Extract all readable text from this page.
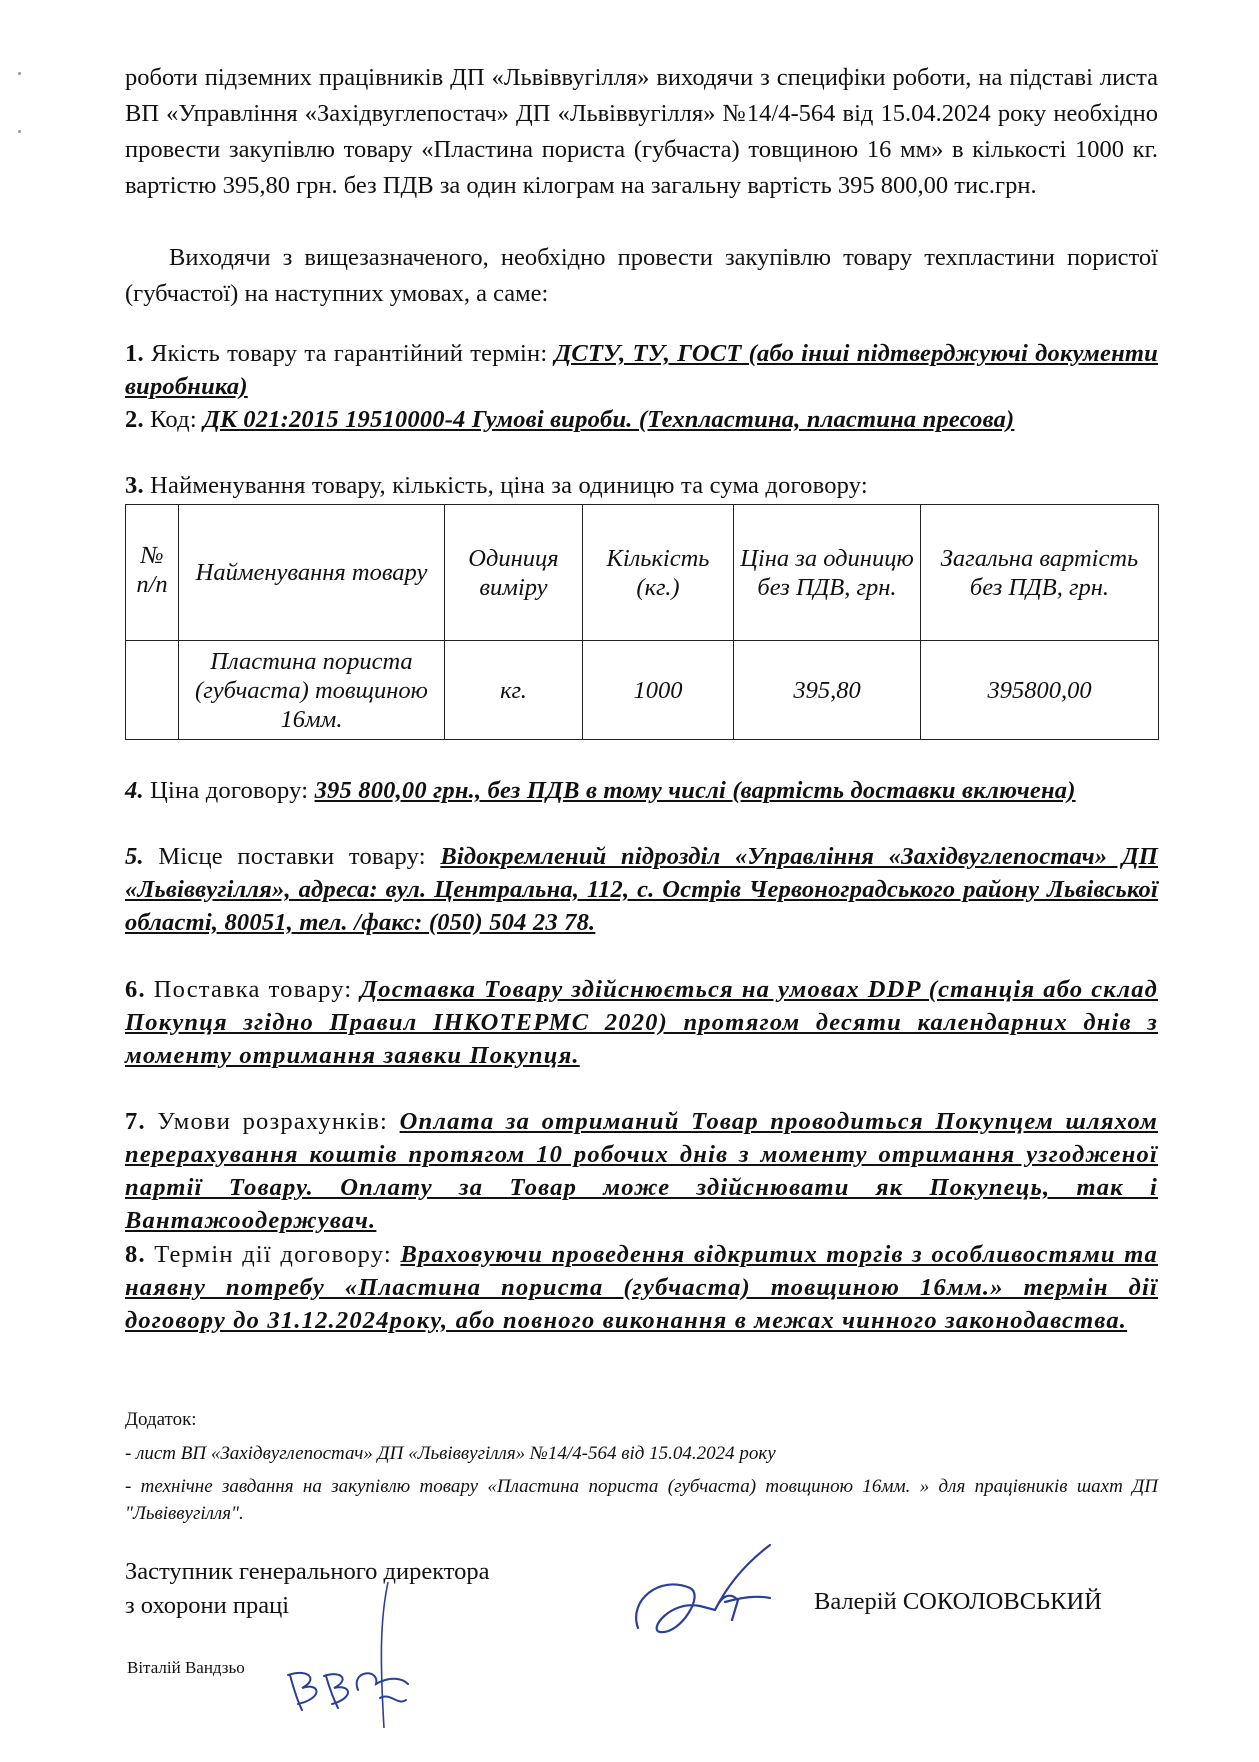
роботи підземних працівників ДП «Львіввугілля» виходячи з специфіки роботи, на підставі листа ВП «Управління «Західвуглепостач» ДП «Львіввугілля» №14/4-564 від 15.04.2024 року необхідно провести закупівлю товару «Пластина пориста (губчаста) товщиною 16 мм» в кількості 1000 кг. вартістю 395,80 грн. без ПДВ за один кілограм на загальну вартість 395 800,00 тис.грн.
Виходячи з вищезазначеного, необхідно провести закупівлю товару техпластини пористої (губчастої) на наступних умовах, а саме:
1. Якість товару та гарантійний термін: ДСТУ, ТУ, ГОСТ (або інші підтверджуючі документи виробника)
2. Код: ДК 021:2015 19510000-4 Гумові вироби. (Техпластина, пластина пресова)
3. Найменування товару, кількість, ціна за одиницю та сума договору:
№ п/п	Найменування товару	Одиниця виміру	Кількість (кг.)	Ціна за одиницю без ПДВ, грн.	Загальна вартість без ПДВ, грн.
	Пластина пориста (губчаста) товщиною 16мм.	кг.	1000	395,80	395800,00
4. Ціна договору: 395 800,00 грн., без ПДВ в тому числі (вартість доставки включена)
5. Місце поставки товару: Відокремлений підрозділ «Управління «Західвуглепостач» ДП «Львіввугілля», адреса: вул. Центральна, 112, с. Острів Червоноградського району Львівської області, 80051, тел. /факс: (050) 504 23 78.
6. Поставка товару: Доставка Товару здійснюється на умовах DDP (станція або склад Покупця згідно Правил ІНКОТЕРМС 2020) протягом десяти календарних днів з моменту отримання заявки Покупця.
7. Умови розрахунків: Оплата за отриманий Товар проводиться Покупцем шляхом перерахування коштів протягом 10 робочих днів з моменту отримання узгодженої партії Товару. Оплату за Товар може здійснювати як Покупець, так і Вантажоодержувач.
8. Термін дії договору: Враховуючи проведення відкритих торгів з особливостями та наявну потребу «Пластина пориста (губчаста) товщиною 16мм.» термін дії договору до 31.12.2024року, або повного виконання в межах чинного законодавства.
Додаток:
- лист ВП «Західвуглепостач» ДП «Львіввугілля» №14/4-564 від 15.04.2024 року
- технічне завдання на закупівлю товару «Пластина пориста (губчаста) товщиною 16мм. » для працівників шахт ДП "Львіввугілля".
Заступник генерального директора
з охорони праці	Валерій СОКОЛОВСЬКИЙ
Віталій Вандзьо
